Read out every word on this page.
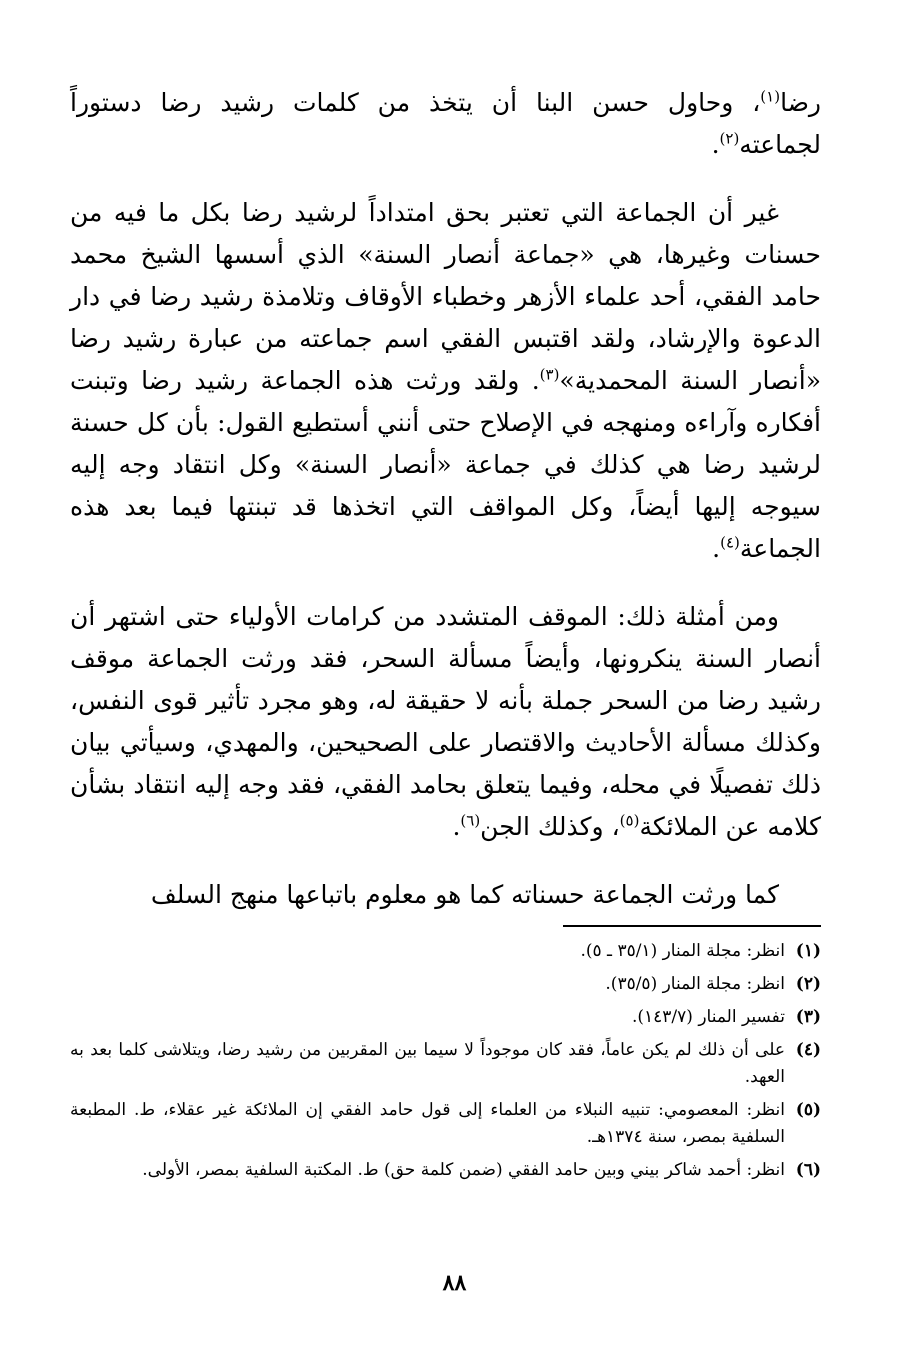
رضا$^{(١)}$، وحاول حسن البنا أن يتخذ من كلمات رشيد رضا دستوراً لجماعته$^{(٢)}$.

غير أن الجماعة التي تعتبر بحق امتداداً لرشيد رضا بكل ما فيه من حسنات وغيرها، هي «جماعة أنصار السنة» الذي أسسها الشيخ محمد حامد الفقي، أحد علماء الأزهر وخطباء الأوقاف وتلامذة رشيد رضا في دار الدعوة والإرشاد، ولقد اقتبس الفقي اسم جماعته من عبارة رشيد رضا «أنصار السنة المحمدية»$^{(٣)}$. ولقد ورثت هذه الجماعة رشيد رضا وتبنت أفكاره وآراءه ومنهجه في الإصلاح حتى أنني أستطيع القول: بأن كل حسنة لرشيد رضا هي كذلك في جماعة «أنصار السنة» وكل انتقاد وجه إليه سيوجه إليها أيضاً، وكل المواقف التي اتخذها قد تبنتها فيما بعد هذه الجماعة$^{(٤)}$.

ومن أمثلة ذلك: الموقف المتشدد من كرامات الأولياء حتى اشتهر أن أنصار السنة ينكرونها، وأيضاً مسألة السحر، فقد ورثت الجماعة موقف رشيد رضا من السحر جملة بأنه لا حقيقة له، وهو مجرد تأثير قوى النفس، وكذلك مسألة الأحاديث والاقتصار على الصحيحين، والمهدي، وسيأتي بيان ذلك تفصيلًا في محله، وفيما يتعلق بحامد الفقي، فقد وجه إليه انتقاد بشأن كلامه عن الملائكة$^{(٥)}$، وكذلك الجن$^{(٦)}$.

كما ورثت الجماعة حسناته كما هو معلوم باتباعها منهج السلف

(١)
انظر: مجلة المنار (٣٥/١ ـ ٥).
(٢)
انظر: مجلة المنار (٣٥/٥).
(٣)
تفسير المنار (١٤٣/٧).
(٤)
على أن ذلك لم يكن عاماً، فقد كان موجوداً لا سيما بين المقربين من رشيد رضا، ويتلاشى كلما بعد به العهد.
(٥)
انظر: المعصومي: تنبيه النبلاء من العلماء إلى قول حامد الفقي إن الملائكة غير عقلاء، ط. المطبعة السلفية بمصر، سنة ١٣٧٤هـ.
(٦)
انظر: أحمد شاكر بيني وبين حامد الفقي (ضمن كلمة حق) ط. المكتبة السلفية بمصر، الأولى.
٨٨
